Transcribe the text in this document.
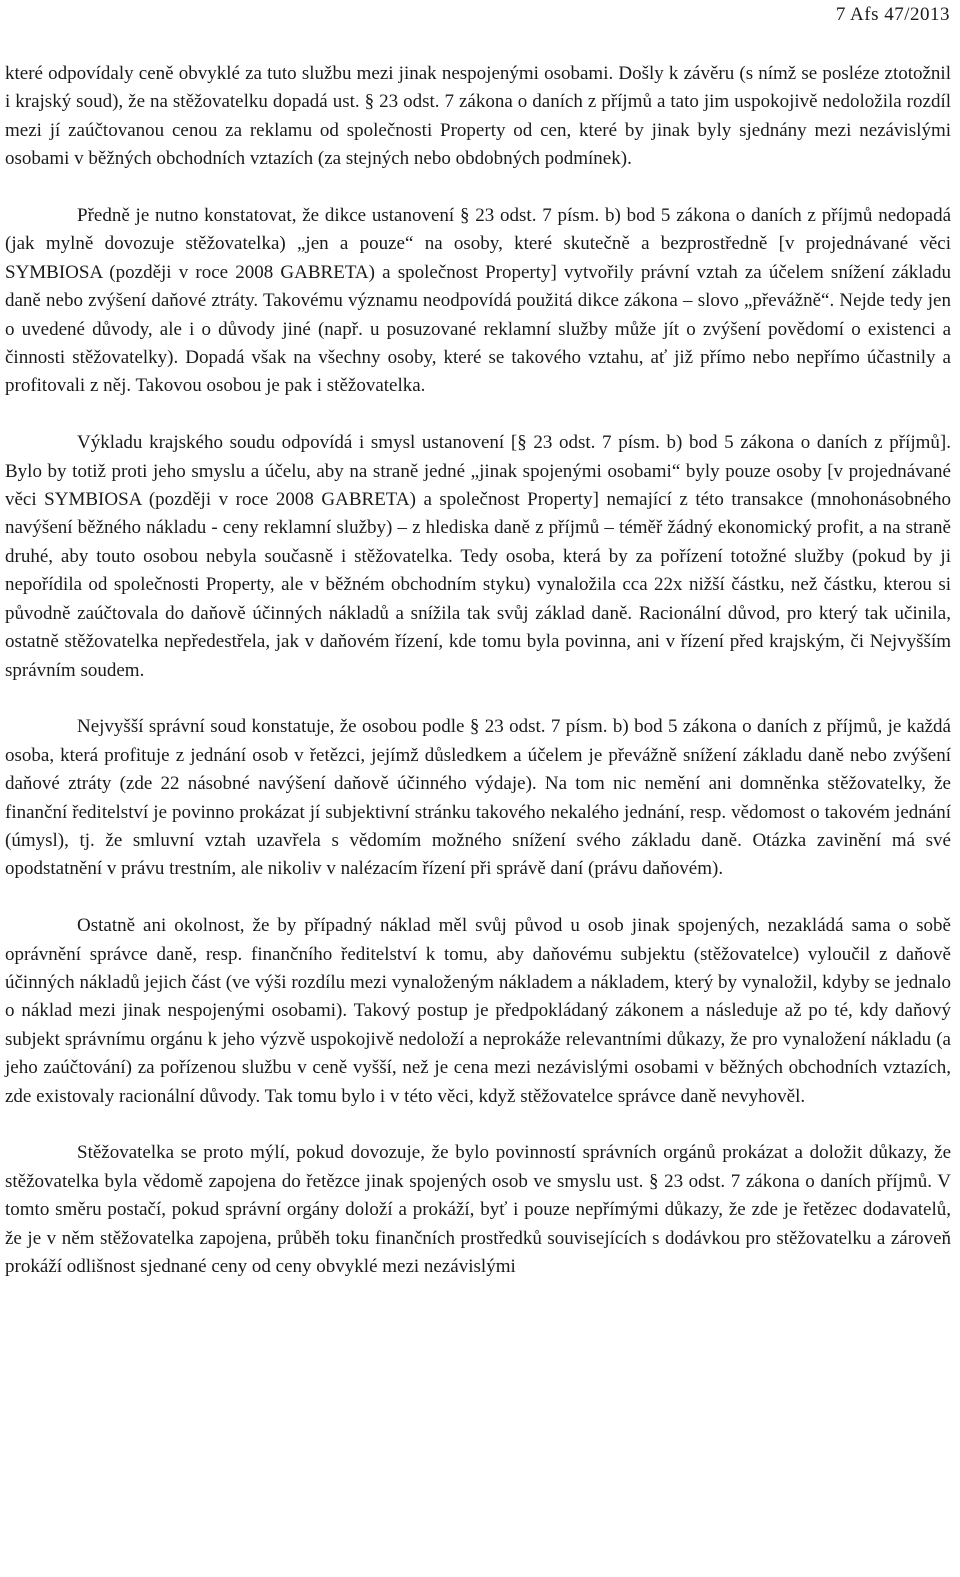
7 Afs 47/2013

které odpovídaly ceně obvyklé za tuto službu mezi jinak nespojenými osobami. Došly k závěru (s nímž se posléze ztotožnil i krajský soud), že na stěžovatelku dopadá ust. § 23 odst. 7 zákona o daních z příjmů a tato jim uspokojivě nedoložila rozdíl mezi jí zaúčtovanou cenou za reklamu od společnosti Property od cen, které by jinak byly sjednány mezi nezávislými osobami v běžných obchodních vztazích (za stejných nebo obdobných podmínek).

Předně je nutno konstatovat, že dikce ustanovení § 23 odst. 7 písm. b) bod 5 zákona o daních z příjmů nedopadá (jak mylně dovozuje stěžovatelka) „jen a pouze“ na osoby, které skutečně a bezprostředně [v projednávané věci SYMBIOSA (později v roce 2008 GABRETA) a společnost Property] vytvořily právní vztah za účelem snížení základu daně nebo zvýšení daňové ztráty. Takovému významu neodpovídá použitá dikce zákona – slovo „převážně“. Nejde tedy jen o uvedené důvody, ale i o důvody jiné (např. u posuzované reklamní služby může jít o zvýšení povědomí o existenci a činnosti stěžovatelky). Dopadá však na všechny osoby, které se takového vztahu, ať již přímo nebo nepřímo účastnily a profitovali z něj. Takovou osobou je pak i stěžovatelka.

Výkladu krajského soudu odpovídá i smysl ustanovení [§ 23 odst. 7 písm. b) bod 5 zákona o daních z příjmů]. Bylo by totiž proti jeho smyslu a účelu, aby na straně jedné „jinak spojenými osobami“ byly pouze osoby [v projednávané věci SYMBIOSA (později v roce 2008 GABRETA) a společnost Property] nemající z této transakce (mnohonásobného navýšení běžného nákladu - ceny reklamní služby) – z hlediska daně z příjmů – téměř žádný ekonomický profit, a na straně druhé, aby touto osobou nebyla současně i stěžovatelka. Tedy osoba, která by za pořízení totožné služby (pokud by ji nepořídila od společnosti Property, ale v běžném obchodním styku) vynaložila cca 22x nižší částku, než částku, kterou si původně zaúčtovala do daňově účinných nákladů a snížila tak svůj základ daně. Racionální důvod, pro který tak učinila, ostatně stěžovatelka nepředestřela, jak v daňovém řízení, kde tomu byla povinna, ani v řízení před krajským, či Nejvyšším správním soudem.

Nejvyšší správní soud konstatuje, že osobou podle § 23 odst. 7 písm. b) bod 5 zákona o daních z příjmů, je každá osoba, která profituje z jednání osob v řetězci, jejímž důsledkem a účelem je převážně snížení základu daně nebo zvýšení daňové ztráty (zde 22 násobné navýšení daňově účinného výdaje). Na tom nic nemění ani domněnka stěžovatelky, že finanční ředitelství je povinno prokázat jí subjektivní stránku takového nekalého jednání, resp. vědomost o takovém jednání (úmysl), tj. že smluvní vztah uzavřela s vědomím možného snížení svého základu daně. Otázka zavinění má své opodstatnění v právu trestním, ale nikoliv v nalézacím řízení při správě daní (právu daňovém).

Ostatně ani okolnost, že by případný náklad měl svůj původ u osob jinak spojených, nezakládá sama o sobě oprávnění správce daně, resp. finančního ředitelství k tomu, aby daňovému subjektu (stěžovatelce) vyloučil z daňově účinných nákladů jejich část (ve výši rozdílu mezi vynaloženým nákladem a nákladem, který by vynaložil, kdyby se jednalo o náklad mezi jinak nespojenými osobami). Takový postup je předpokládaný zákonem a následuje až po té, kdy daňový subjekt správnímu orgánu k jeho výzvě uspokojivě nedoloží a neprokáže relevantními důkazy, že pro vynaložení nákladu (a jeho zaúčtování) za pořízenou službu v ceně vyšší, než je cena mezi nezávislými osobami v běžných obchodních vztazích, zde existovaly racionální důvody. Tak tomu bylo i v této věci, když stěžovatelce správce daně nevyhověl.

Stěžovatelka se proto mýlí, pokud dovozuje, že bylo povinností správních orgánů prokázat a doložit důkazy, že stěžovatelka byla vědomě zapojena do řetězce jinak spojených osob ve smyslu ust. § 23 odst. 7 zákona o daních příjmů. V tomto směru postačí, pokud správní orgány doloží a prokáží, byť i pouze nepřímými důkazy, že zde je řetězec dodavatelů, že je v něm stěžovatelka zapojena, průběh toku finančních prostředků souvisejících s dodávkou pro stěžovatelku a zároveň prokáží odlišnost sjednané ceny od ceny obvyklé mezi nezávislými
